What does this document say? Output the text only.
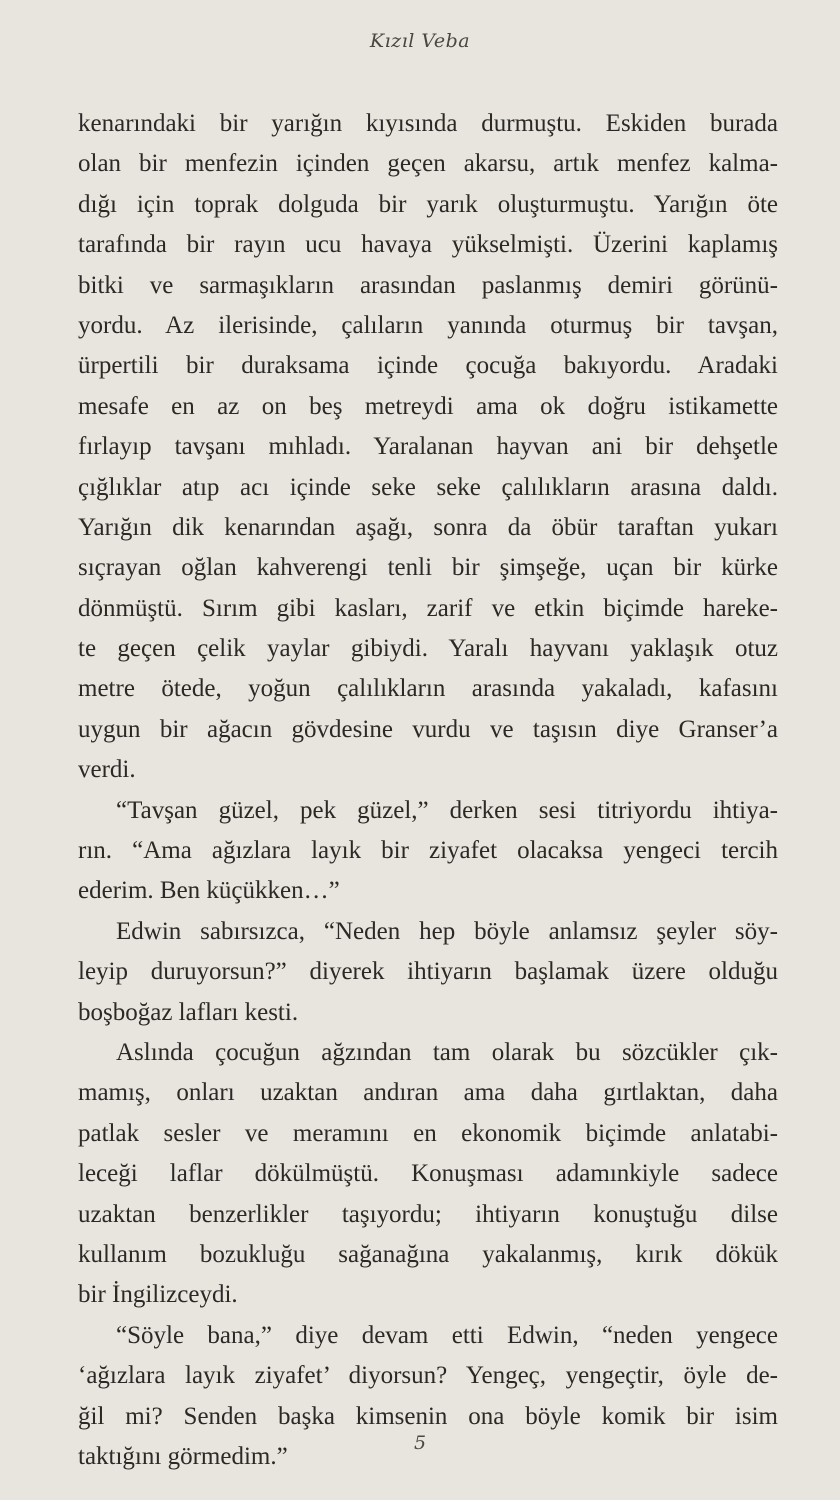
Kızıl Veba
kenarındaki bir yarığın kıyısında durmuştu. Eskiden burada
olan bir menfezin içinden geçen akarsu, artık menfez kalma-
dığı için toprak dolguda bir yarık oluşturmuştu. Yarığın öte
tarafında bir rayın ucu havaya yükselmişti. Üzerini kaplamış
bitki ve sarmaşıkların arasından paslanmış demiri görünü-
yordu. Az ilerisinde, çalıların yanında oturmuş bir tavşan,
ürpertili bir duraksama içinde çocuğa bakıyordu. Aradaki
mesafe en az on beş metreydi ama ok doğru istikamette
fırlayıp tavşanı mıhladı. Yaralanan hayvan ani bir dehşetle
çığlıklar atıp acı içinde seke seke çalılıkların arasına daldı.
Yarığın dik kenarından aşağı, sonra da öbür taraftan yukarı
sıçrayan oğlan kahverengi tenli bir şimşeğe, uçan bir kürke
dönmüştü. Sırım gibi kasları, zarif ve etkin biçimde hareke-
te geçen çelik yaylar gibiydi. Yaralı hayvanı yaklaşık otuz
metre ötede, yoğun çalılıkların arasında yakaladı, kafasını
uygun bir ağacın gövdesine vurdu ve taşısın diye Granser’a
verdi.
“Tavşan güzel, pek güzel,” derken sesi titriyordu ihtiya-
rın. “Ama ağızlara layık bir ziyafet olacaksa yengeci tercih
ederim. Ben küçükken…”
Edwin sabırsızca, “Neden hep böyle anlamsız şeyler söy-
leyip duruyorsun?” diyerek ihtiyarın başlamak üzere olduğu
boşboğaz lafları kesti.
Aslında çocuğun ağzından tam olarak bu sözcükler çık-
mamış, onları uzaktan andıran ama daha gırtlaktan, daha
patlak sesler ve meramını en ekonomik biçimde anlatabi-
leceği laflar dökülmüştü. Konuşması adamınkiyle sadece
uzaktan benzerlikler taşıyordu; ihtiyarın konuştuğu dilse
kullanım bozukluğu sağanağına yakalanmış, kırık dökük
bir İngilizceydi.
“Söyle bana,” diye devam etti Edwin, “neden yengece
‘ağızlara layık ziyafet’ diyorsun? Yengeç, yengeçtir, öyle de-
ğil mi? Senden başka kimsenin ona böyle komik bir isim
taktığını görmedim.”	5
